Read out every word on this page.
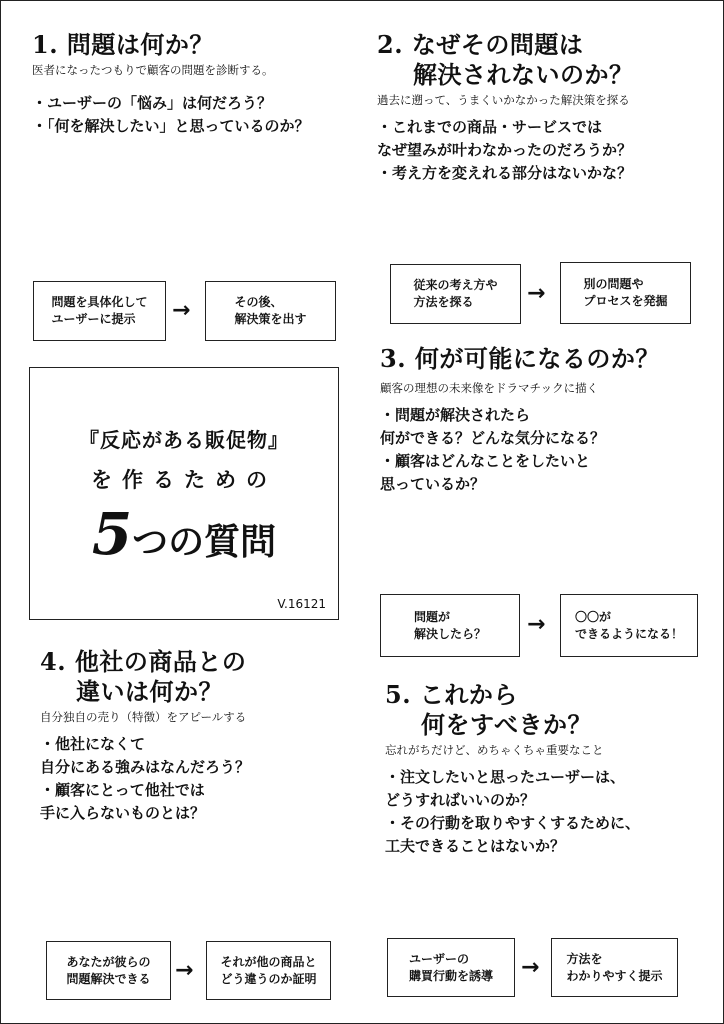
1. 問題は何か？

医者になったつもりで顧客の問題を診断する。

・ユーザーの「悩み」は何だろう？
・「何を解決したい」と思っているのか？

問題を具体化して
ユーザーに提示	→	その後、
解決策を出す
2. なぜその問題は
解決されないのか？

過去に遡って、うまくいかなかった解決策を探る

・これまでの商品・サービスでは
なぜ望みが叶わなかったのだろうか？
・考え方を変えれる部分はないかな？

従来の考え方や
方法を探る	→	別の問題や
プロセスを発掘
『反応がある販促物』
を作るための
5つの質問
V.16121
3. 何が可能になるのか？

顧客の理想の未来像をドラマチックに描く

・問題が解決されたら
何ができる？どんな気分になる？
・顧客はどんなことをしたいと
思っているか？

問題が
解決したら？ → 〇〇が
できるようになる！
4. 他社の商品との
違いは何か？

自分独自の売り（特徴）をアピールする

・他社になくて
自分にある強みはなんだろう？
・顧客にとって他社では
手に入らないものとは？

あなたが彼らの
問題解決できる → それが他の商品と
どう違うのか証明
5. これから
何をすべきか？

忘れがちだけど、めちゃくちゃ重要なこと

・注文したいと思ったユーザーは、
どうすればいいのか？
・その行動を取りやすくするために、
工夫できることはないか？

ユーザーの
購買行動を誘導 → 方法を
わかりやすく提示
